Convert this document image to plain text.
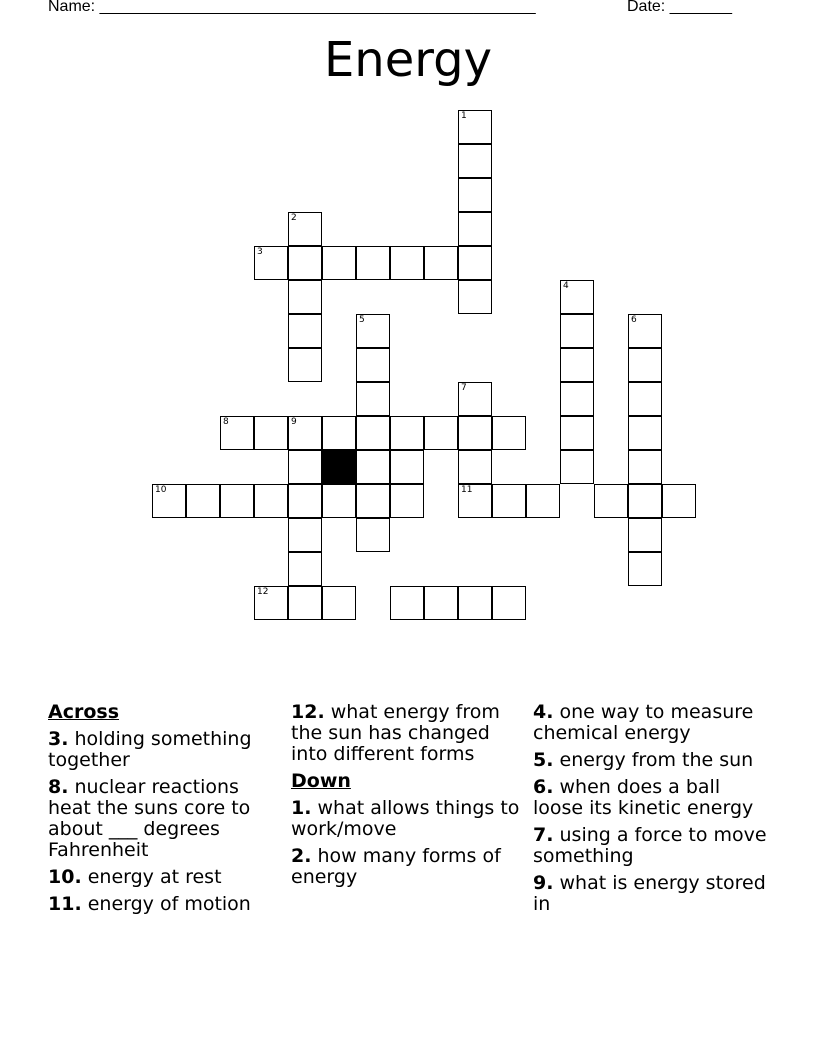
Name: _________________________________________________	Date: _______
Energy
1
2
3
4
5	6
7
8	9
10	11
12
Across
3. holding something together
8. nuclear reactions heat the suns core to about ___ degrees Fahrenheit
10. energy at rest
11. energy of motion
12. what energy from the sun has changed into different forms
Down
1. what allows things to work/move
2. how many forms of energy
4. one way to measure chemical energy
5. energy from the sun
6. when does a ball loose its kinetic energy
7. using a force to move something
9. what is energy stored in
